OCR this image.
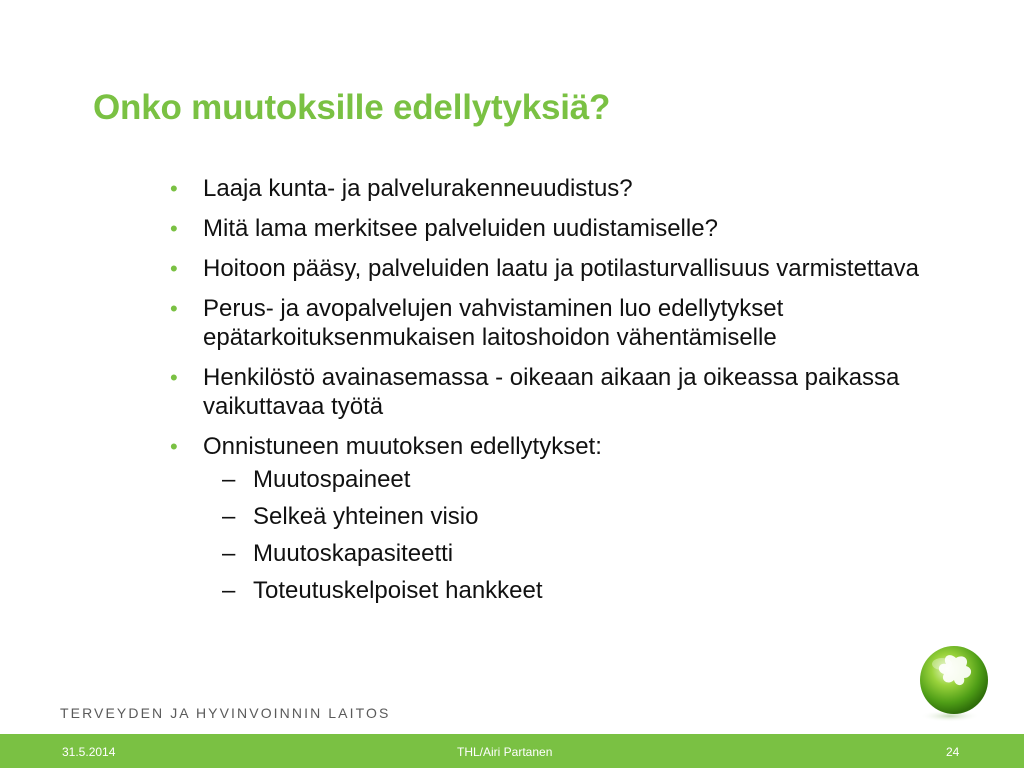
Onko muutoksille edellytyksiä?
• Laaja kunta- ja palvelurakenneuudistus?
• Mitä lama merkitsee palveluiden uudistamiselle?
• Hoitoon pääsy, palveluiden laatu ja potilasturvallisuus varmistettava
• Perus- ja avopalvelujen vahvistaminen luo edellytykset epätarkoituksenmukaisen laitoshoidon vähentämiselle
• Henkilöstö avainasemassa - oikeaan aikaan ja oikeassa paikassa vaikuttavaa työtä
• Onnistuneen muutoksen edellytykset:
– Muutospaineet
– Selkeä yhteinen visio
– Muutoskapasiteetti
– Toteutuskelpoiset hankkeet
TERVEYDEN JA HYVINVOINNIN LAITOS
31.5.2014	THL/Airi Partanen	24
